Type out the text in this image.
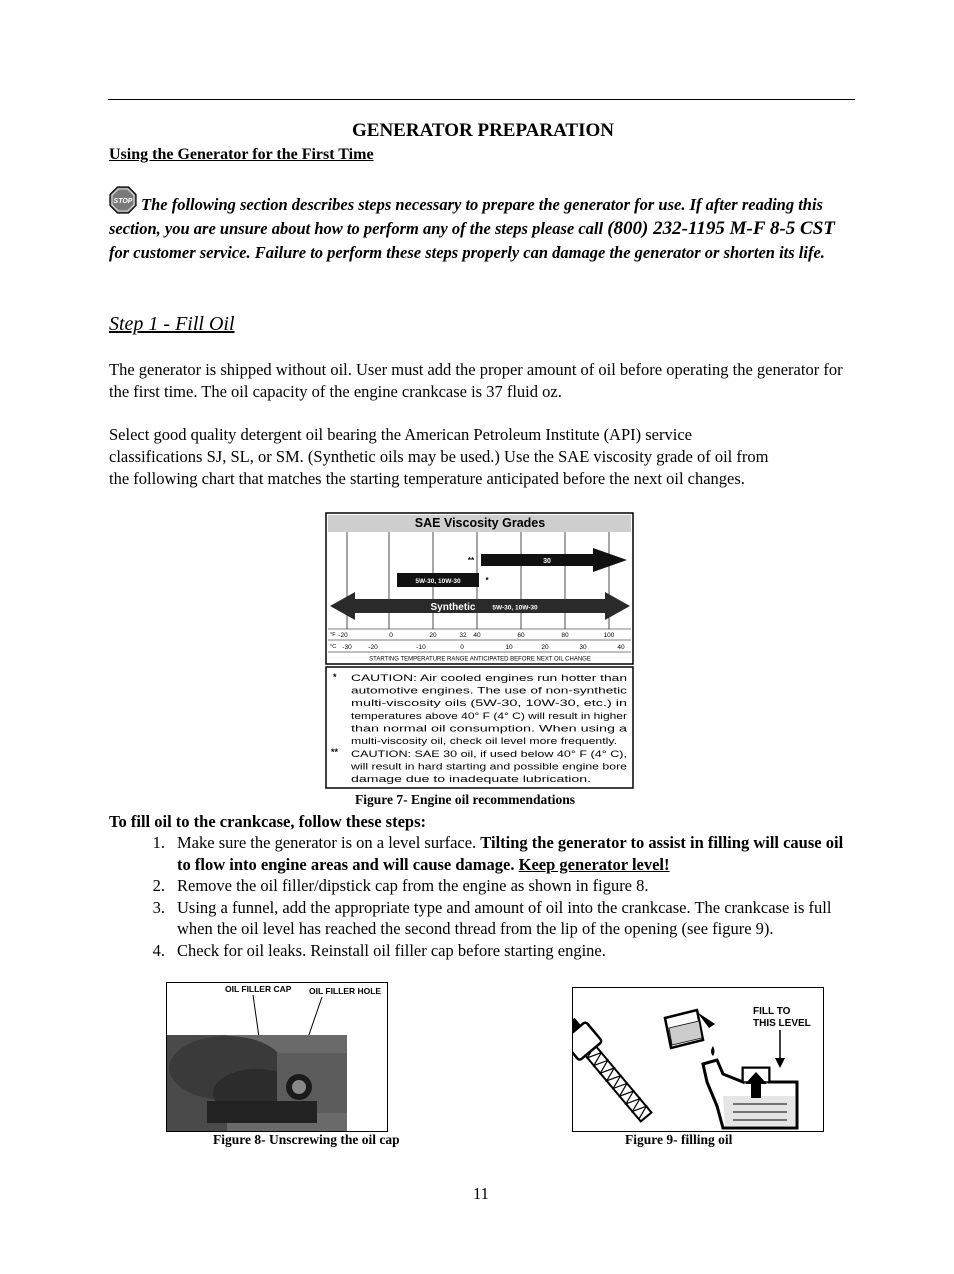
GENERATOR PREPARATION
Using the Generator for the First Time
STOP The following section describes steps necessary to prepare the generator for use. If after reading this section, you are unsure about how to perform any of the steps please call (800) 232-1195 M-F 8-5 CST for customer service. Failure to perform these steps properly can damage the generator or shorten its life.
Step 1 - Fill Oil
The generator is shipped without oil. User must add the proper amount of oil before operating the generator for the first time. The oil capacity of the engine crankcase is 37 fluid oz.
Select good quality detergent oil bearing the American Petroleum Institute (API) service classifications SJ, SL, or SM. (Synthetic oils may be used.) Use the SAE viscosity grade of oil from the following chart that matches the starting temperature anticipated before the next oil changes.
SAE Viscosity Grades
30
**
5W-30, 10W-30	*
Synthetic	5W-30, 10W-30
°F
°C
-20	0	20	32 40	60	80	100
-30	-20	-10	0	10	20	30	40
STARTING TEMPERATURE RANGE ANTICIPATED BEFORE NEXT OIL CHANGE
* CAUTION: Air cooled engines run hotter than
automotive engines. The use of non-synthetic
multi-viscosity oils (5W-30, 10W-30, etc.) in
temperatures above 40° F (4° C) will result in higher
than normal oil consumption. When using a
multi-viscosity oil, check oil level more frequently.
** CAUTION: SAE 30 oil, if used below 40° F (4° C),
will result in hard starting and possible engine bore
damage due to inadequate lubrication.
Figure 7- Engine oil recommendations
To fill oil to the crankcase, follow these steps:
1. Make sure the generator is on a level surface. Tilting the generator to assist in filling will cause oil to flow into engine areas and will cause damage. Keep generator level!
2. Remove the oil filler/dipstick cap from the engine as shown in figure 8.
3. Using a funnel, add the appropriate type and amount of oil into the crankcase. The crankcase is full when the oil level has reached the second thread from the lip of the opening (see figure 9).
4. Check for oil leaks. Reinstall oil filler cap before starting engine.
OIL FILLER CAP OIL FILLER HOLE
Figure 8- Unscrewing the oil cap
FILL TO
THIS LEVEL
Figure 9- filling oil
11
